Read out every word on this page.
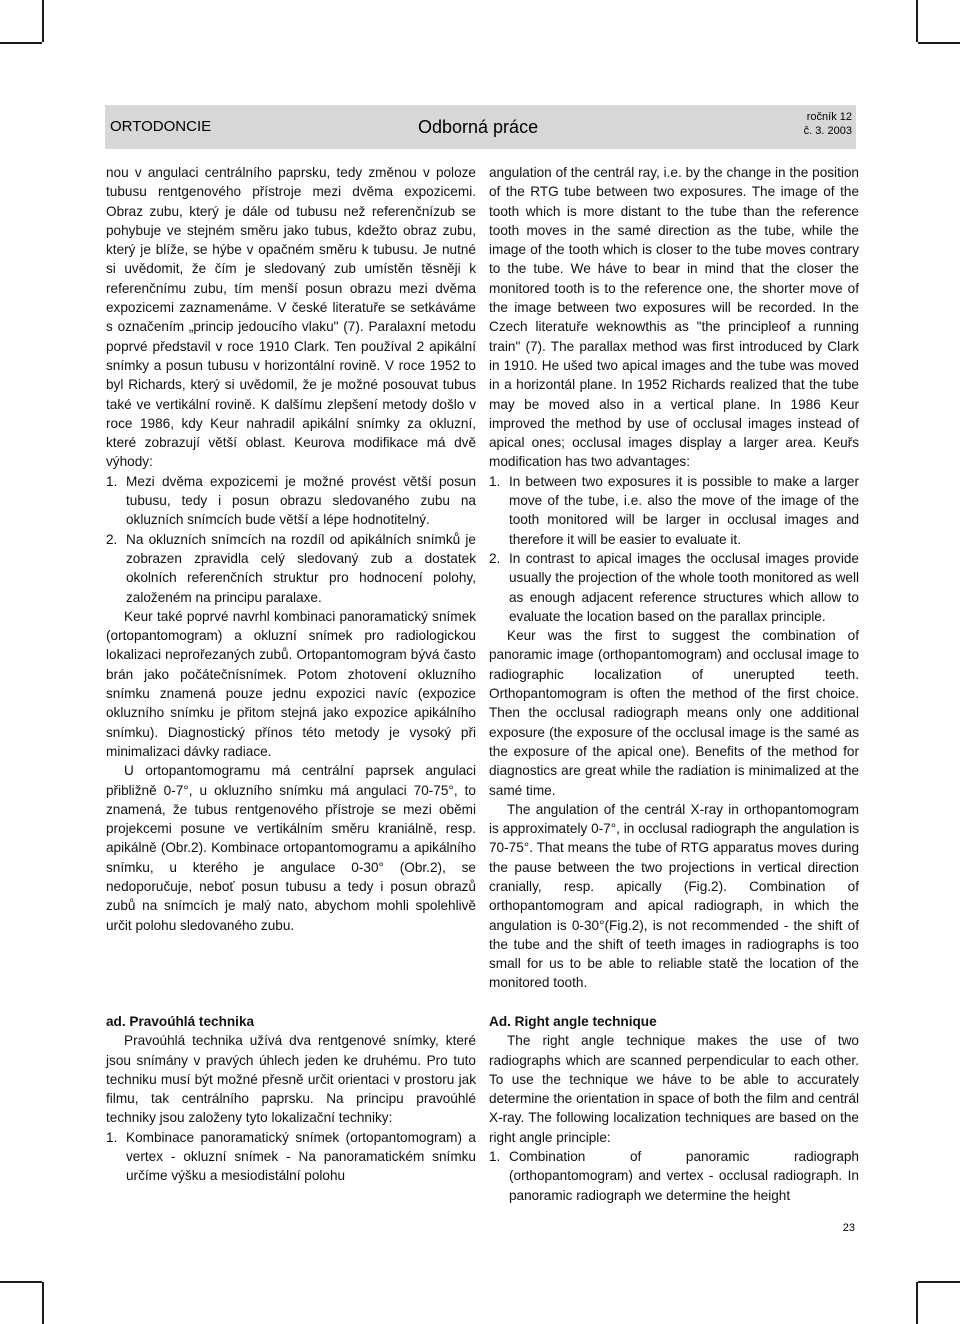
ORTODONCIE	Odborná práce	ročník 12
č. 3. 2003

nou v angulaci centrálního paprsku, tedy změnou v poloze tubusu rentgenového přístroje mezi dvěma expozicemi. Obraz zubu, který je dále od tubusu než referenčnízub se pohybuje ve stejném směru jako tubus, kdežto obraz zubu, který je blíže, se hýbe v opačném směru k tubusu. Je nutné si uvědomit, že čím je sledovaný zub umístěn těsněji k referenčnímu zubu, tím menší posun obrazu mezi dvěma expozicemi zaznamenáme. V české literatuře se setkáváme s označením „princip jedoucího vlaku" (7). Paralaxní metodu poprvé představil v roce 1910 Clark. Ten používal 2 apikální snímky a posun tubusu v horizontální rovině. V roce 1952 to byl Richards, který si uvědomil, že je možné posouvat tubus také ve vertikální rovině. K dalšímu zlepšení metody došlo v roce 1986, kdy Keur nahradil apikální snímky za okluzní, které zobrazují větší oblast. Keurova modifikace má dvě výhody:

1. Mezi dvěma expozicemi je možné provést větší posun tubusu, tedy i posun obrazu sledovaného zubu na okluzních snímcích bude větší a lépe hodnotitelný.
2. Na okluzních snímcích na rozdíl od apikálních snímků je zobrazen zpravidla celý sledovaný zub a dostatek okolních referenčních struktur pro hodnocení polohy, založeném na principu paralaxe.

Keur také poprvé navrhl kombinaci panoramatický snímek (ortopantomogram) a okluzní snímek pro radiologickou lokalizaci neprořezaných zubů. Ortopantomogram bývá často brán jako počátečnísnímek. Potom zhotovení okluzního snímku znamená pouze jednu expozici navíc (expozice okluzního snímku je přitom stejná jako expozice apikálního snímku). Diagnostický přínos této metody je vysoký při minimalizaci dávky radiace.

U ortopantomogramu má centrální paprsek angulaci přibližně 0-7°, u okluzního snímku má angulaci 70-75°, to znamená, že tubus rentgenového přístroje se mezi oběmi projekcemi posune ve vertikálním směru kraniálně, resp. apikálně (Obr.2). Kombinace ortopantomogramu a apikálního snímku, u kterého je angulace 0-30° (Obr.2), se nedoporučuje, neboť posun tubusu a tedy i posun obrazů zubů na snímcích je malý nato, abychom mohli spolehlivě určit polohu sledovaného zubu.

angulation of the centrál ray, i.e. by the change in the position of the RTG tube between two exposures. The image of the tooth which is more distant to the tube than the reference tooth moves in the samé direction as the tube, while the image of the tooth which is closer to the tube moves contrary to the tube. We háve to bear in mind that the closer the monitored tooth is to the reference one, the shorter move of the image between two exposures will be recorded. In the Czech literatuře weknowthis as "the principleof a running train" (7). The parallax method was first introduced by Clark in 1910. He ušed two apical images and the tube was moved in a horizontál plane. In 1952 Richards realized that the tube may be moved also in a vertical plane. In 1986 Keur improved the method by use of occlusal images instead of apical ones; occlusal images display a larger area. Keuřs modification has two advantages:

1. In between two exposures it is possible to make a larger move of the tube, i.e. also the move of the image of the tooth monitored will be larger in occlusal images and therefore it will be easier to evaluate it.
2. In contrast to apical images the occlusal images provide usually the projection of the whole tooth monitored as well as enough adjacent reference structures which allow to evaluate the location based on the parallax principle.

Keur was the first to suggest the combination of panoramic image (orthopantomogram) and occlusal image to radiographic localization of unerupted teeth. Orthopantomogram is often the method of the first choice. Then the occlusal radiograph means only one additional exposure (the exposure of the occlusal image is the samé as the exposure of the apical one). Benefits of the method for diagnostics are great while the radiation is minimalized at the samé time.

The angulation of the centrál X-ray in orthopantomogram is approximately 0-7°, in occlusal radiograph the angulation is 70-75°. That means the tube of RTG apparatus moves during the pause between the two projections in vertical direction cranially, resp. apically (Fig.2). Combination of orthopantomogram and apical radiograph, in which the angulation is 0-30°(Fig.2), is not recommended - the shift of the tube and the shift of teeth images in radiographs is too small for us to be able to reliable statě the location of the monitored tooth.

ad. Pravoúhlá technika

Pravoúhlá technika užívá dva rentgenové snímky, které jsou snímány v pravých úhlech jeden ke druhému. Pro tuto techniku musí být možné přesně určit orientaci v prostoru jak filmu, tak centrálního paprsku. Na principu pravoúhlé techniky jsou založeny tyto lokalizační techniky:

1. Kombinace panoramatický snímek (ortopantomogram) a vertex - okluzní snímek - Na panoramatickém snímku určíme výšku a mesiodistální polohu
Ad. Right angle technique

The right angle technique makes the use of two radiographs which are scanned perpendicular to each other. To use the technique we háve to be able to accurately determine the orientation in space of both the film and centrál X-ray. The following localization techniques are based on the right angle principle:

1. Combination of panoramic radiograph (orthopantomogram) and vertex - occlusal radiograph. In panoramic radiograph we determine the height
23
